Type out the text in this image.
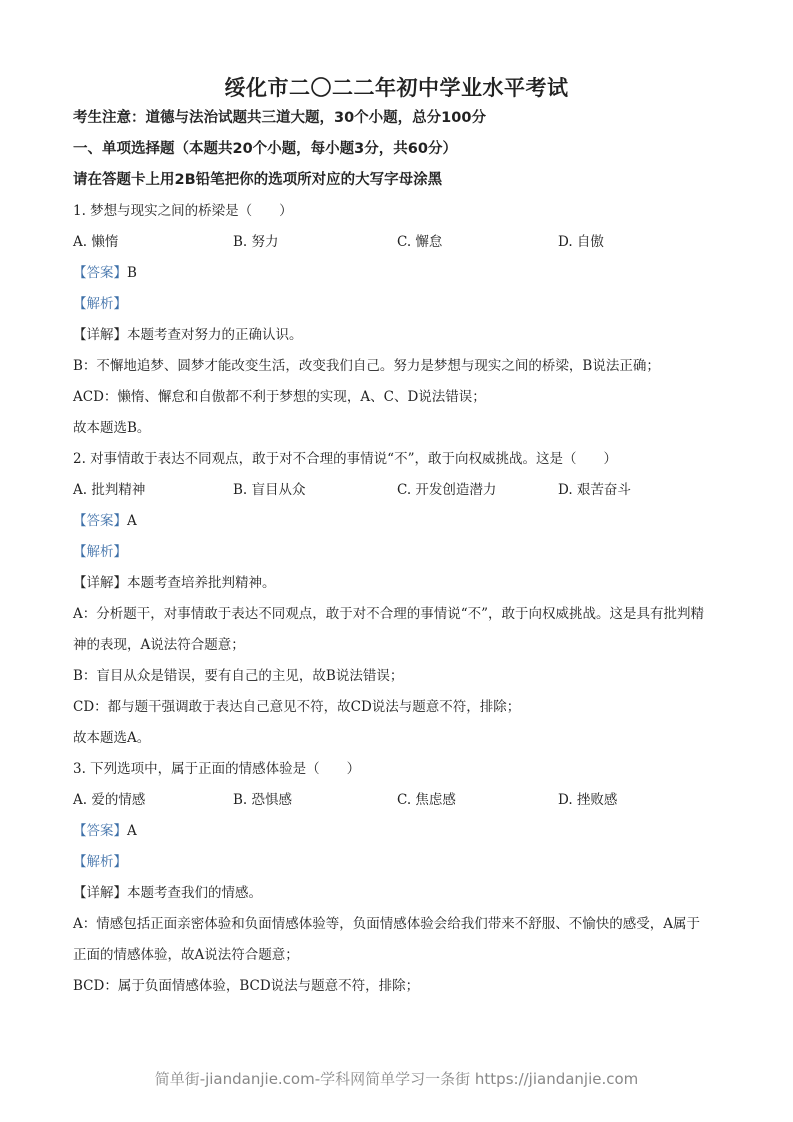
绥化市二〇二二年初中学业水平考试
考生注意：道德与法治试题共三道大题，30个小题，总分100分
一、单项选择题（本题共20个小题，每小题3分，共60分）
请在答题卡上用2B铅笔把你的选项所对应的大写字母涂黑
1. 梦想与现实之间的桥梁是（　　）
A. 懒惰	B. 努力	C. 懈怠	D. 自傲
【答案】B
【解析】
【详解】本题考查对努力的正确认识。
B：不懈地追梦、圆梦才能改变生活，改变我们自己。努力是梦想与现实之间的桥梁，B说法正确；
ACD：懒惰、懈怠和自傲都不利于梦想的实现，A、C、D说法错误；
故本题选B。
2. 对事情敢于表达不同观点，敢于对不合理的事情说“不”，敢于向权威挑战。这是（　　）
A. 批判精神	B. 盲目从众	C. 开发创造潜力	D. 艰苦奋斗
【答案】A
【解析】
【详解】本题考查培养批判精神。
A：分析题干，对事情敢于表达不同观点，敢于对不合理的事情说“不”，敢于向权威挑战。这是具有批判精
神的表现，A说法符合题意；
B：盲目从众是错误，要有自己的主见，故B说法错误；
CD：都与题干强调敢于表达自己意见不符，故CD说法与题意不符，排除；
故本题选A。
3. 下列选项中，属于正面的情感体验是（　　）
A. 爱的情感	B. 恐惧感	C. 焦虑感	D. 挫败感
【答案】A
【解析】
【详解】本题考查我们的情感。
A：情感包括正面亲密体验和负面情感体验等，负面情感体验会给我们带来不舒服、不愉快的感受，A属于
正面的情感体验，故A说法符合题意；
BCD：属于负面情感体验，BCD说法与题意不符，排除；
简单街-jiandanjie.com-学科网简单学习一条街 https://jiandanjie.com
